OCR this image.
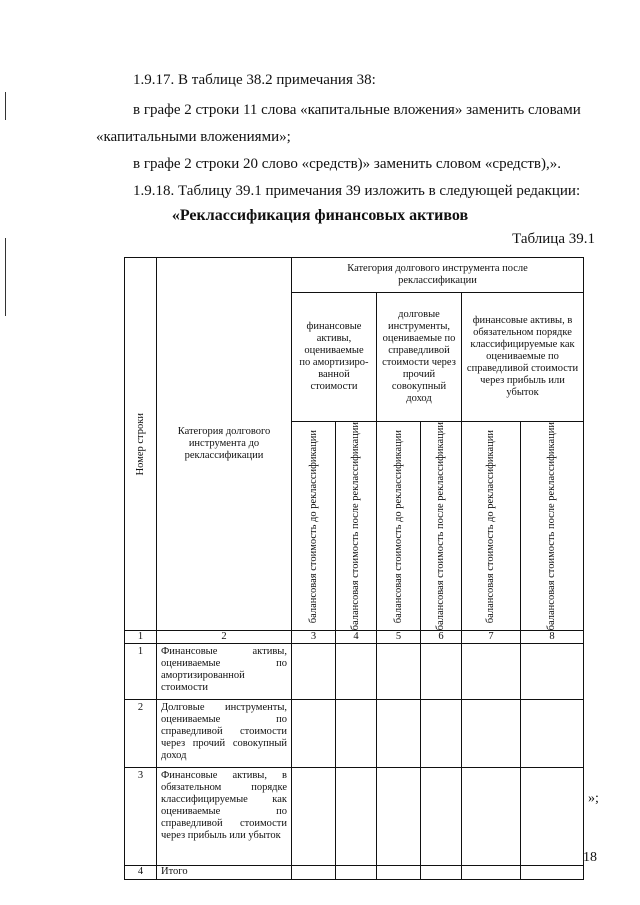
1.9.17. В таблице 38.2 примечания 38:

в графе 2 строки 11 слова «капитальные вложения» заменить словами

«капитальными вложениями»;

в графе 2 строки 20 слово «средств)» заменить словом «средств),».

1.9.18. Таблицу 39.1 примечания 39 изложить в следующей редакции:

«Реклассификация финансовых активов
Таблица 39.1
Номер строки	Категория долгового инструмента до реклассификации	Категория долгового инструмента после реклассификации					
		финансовые активы, оцениваемые по амортизиро-ванной стоимости		долговые инструменты, оцениваемые по справедливой стоимости через прочий совокупный доход		финансовые активы, в обязательном порядке классифицируемые как оцениваемые по справедливой стоимости через прибыль или убыток	

		балансовая стоимость до реклассификации	балансовая стоимость после реклассификации	балансовая стоимость до реклассификации	балансовая стоимость после реклассификации	балансовая стоимость до реклассификации	балансовая стоимость после реклассификации

1	2	3	4	5	6	7	8
1	Финансовые активы, оцениваемые по амортизированной стоимости						
2	Долговые инструменты, оцениваемые по справедливой стоимости через прочий совокупный доход						
3	Финансовые активы, в обязательном порядке классифицируемые как оцениваемые по справедливой стоимости через прибыль или убыток						
4	Итого						
»;
18
